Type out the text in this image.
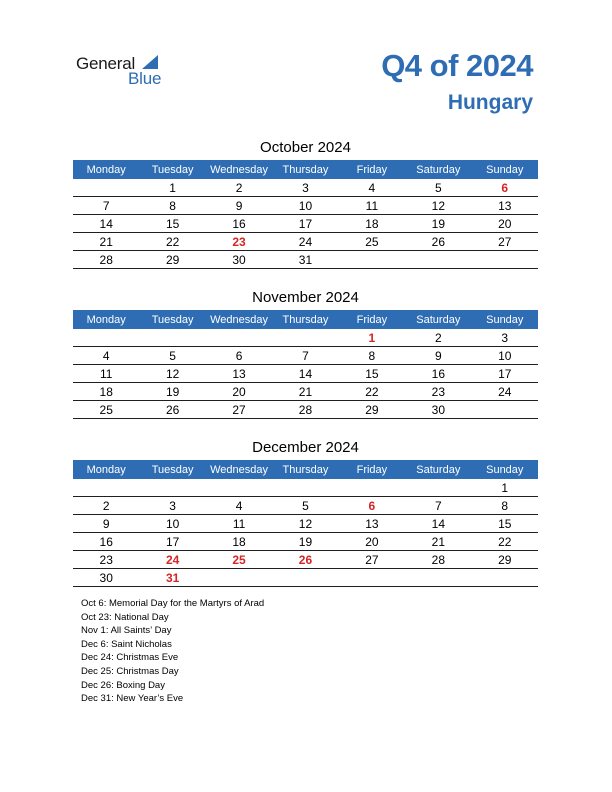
General
Blue	Q4 of 2024
Hungary
October 2024
Monday	Tuesday	Wednesday	Thursday	Friday	Saturday	Sunday
	1	2	3	4	5	6
7	8	9	10	11	12	13
14	15	16	17	18	19	20
21	22	23	24	25	26	27
28	29	30	31			
November 2024
Monday	Tuesday	Wednesday	Thursday	Friday	Saturday	Sunday
				1	2	3
4	5	6	7	8	9	10
11	12	13	14	15	16	17
18	19	20	21	22	23	24
25	26	27	28	29	30	
December 2024
Monday	Tuesday	Wednesday	Thursday	Friday	Saturday	Sunday
						1
2	3	4	5	6	7	8
9	10	11	12	13	14	15
16	17	18	19	20	21	22
23	24	25	26	27	28	29
30	31					
Oct 6: Memorial Day for the Martyrs of Arad
Oct 23: National Day
Nov 1: All Saints’ Day
Dec 6: Saint Nicholas
Dec 24: Christmas Eve
Dec 25: Christmas Day
Dec 26: Boxing Day
Dec 31: New Year’s Eve
